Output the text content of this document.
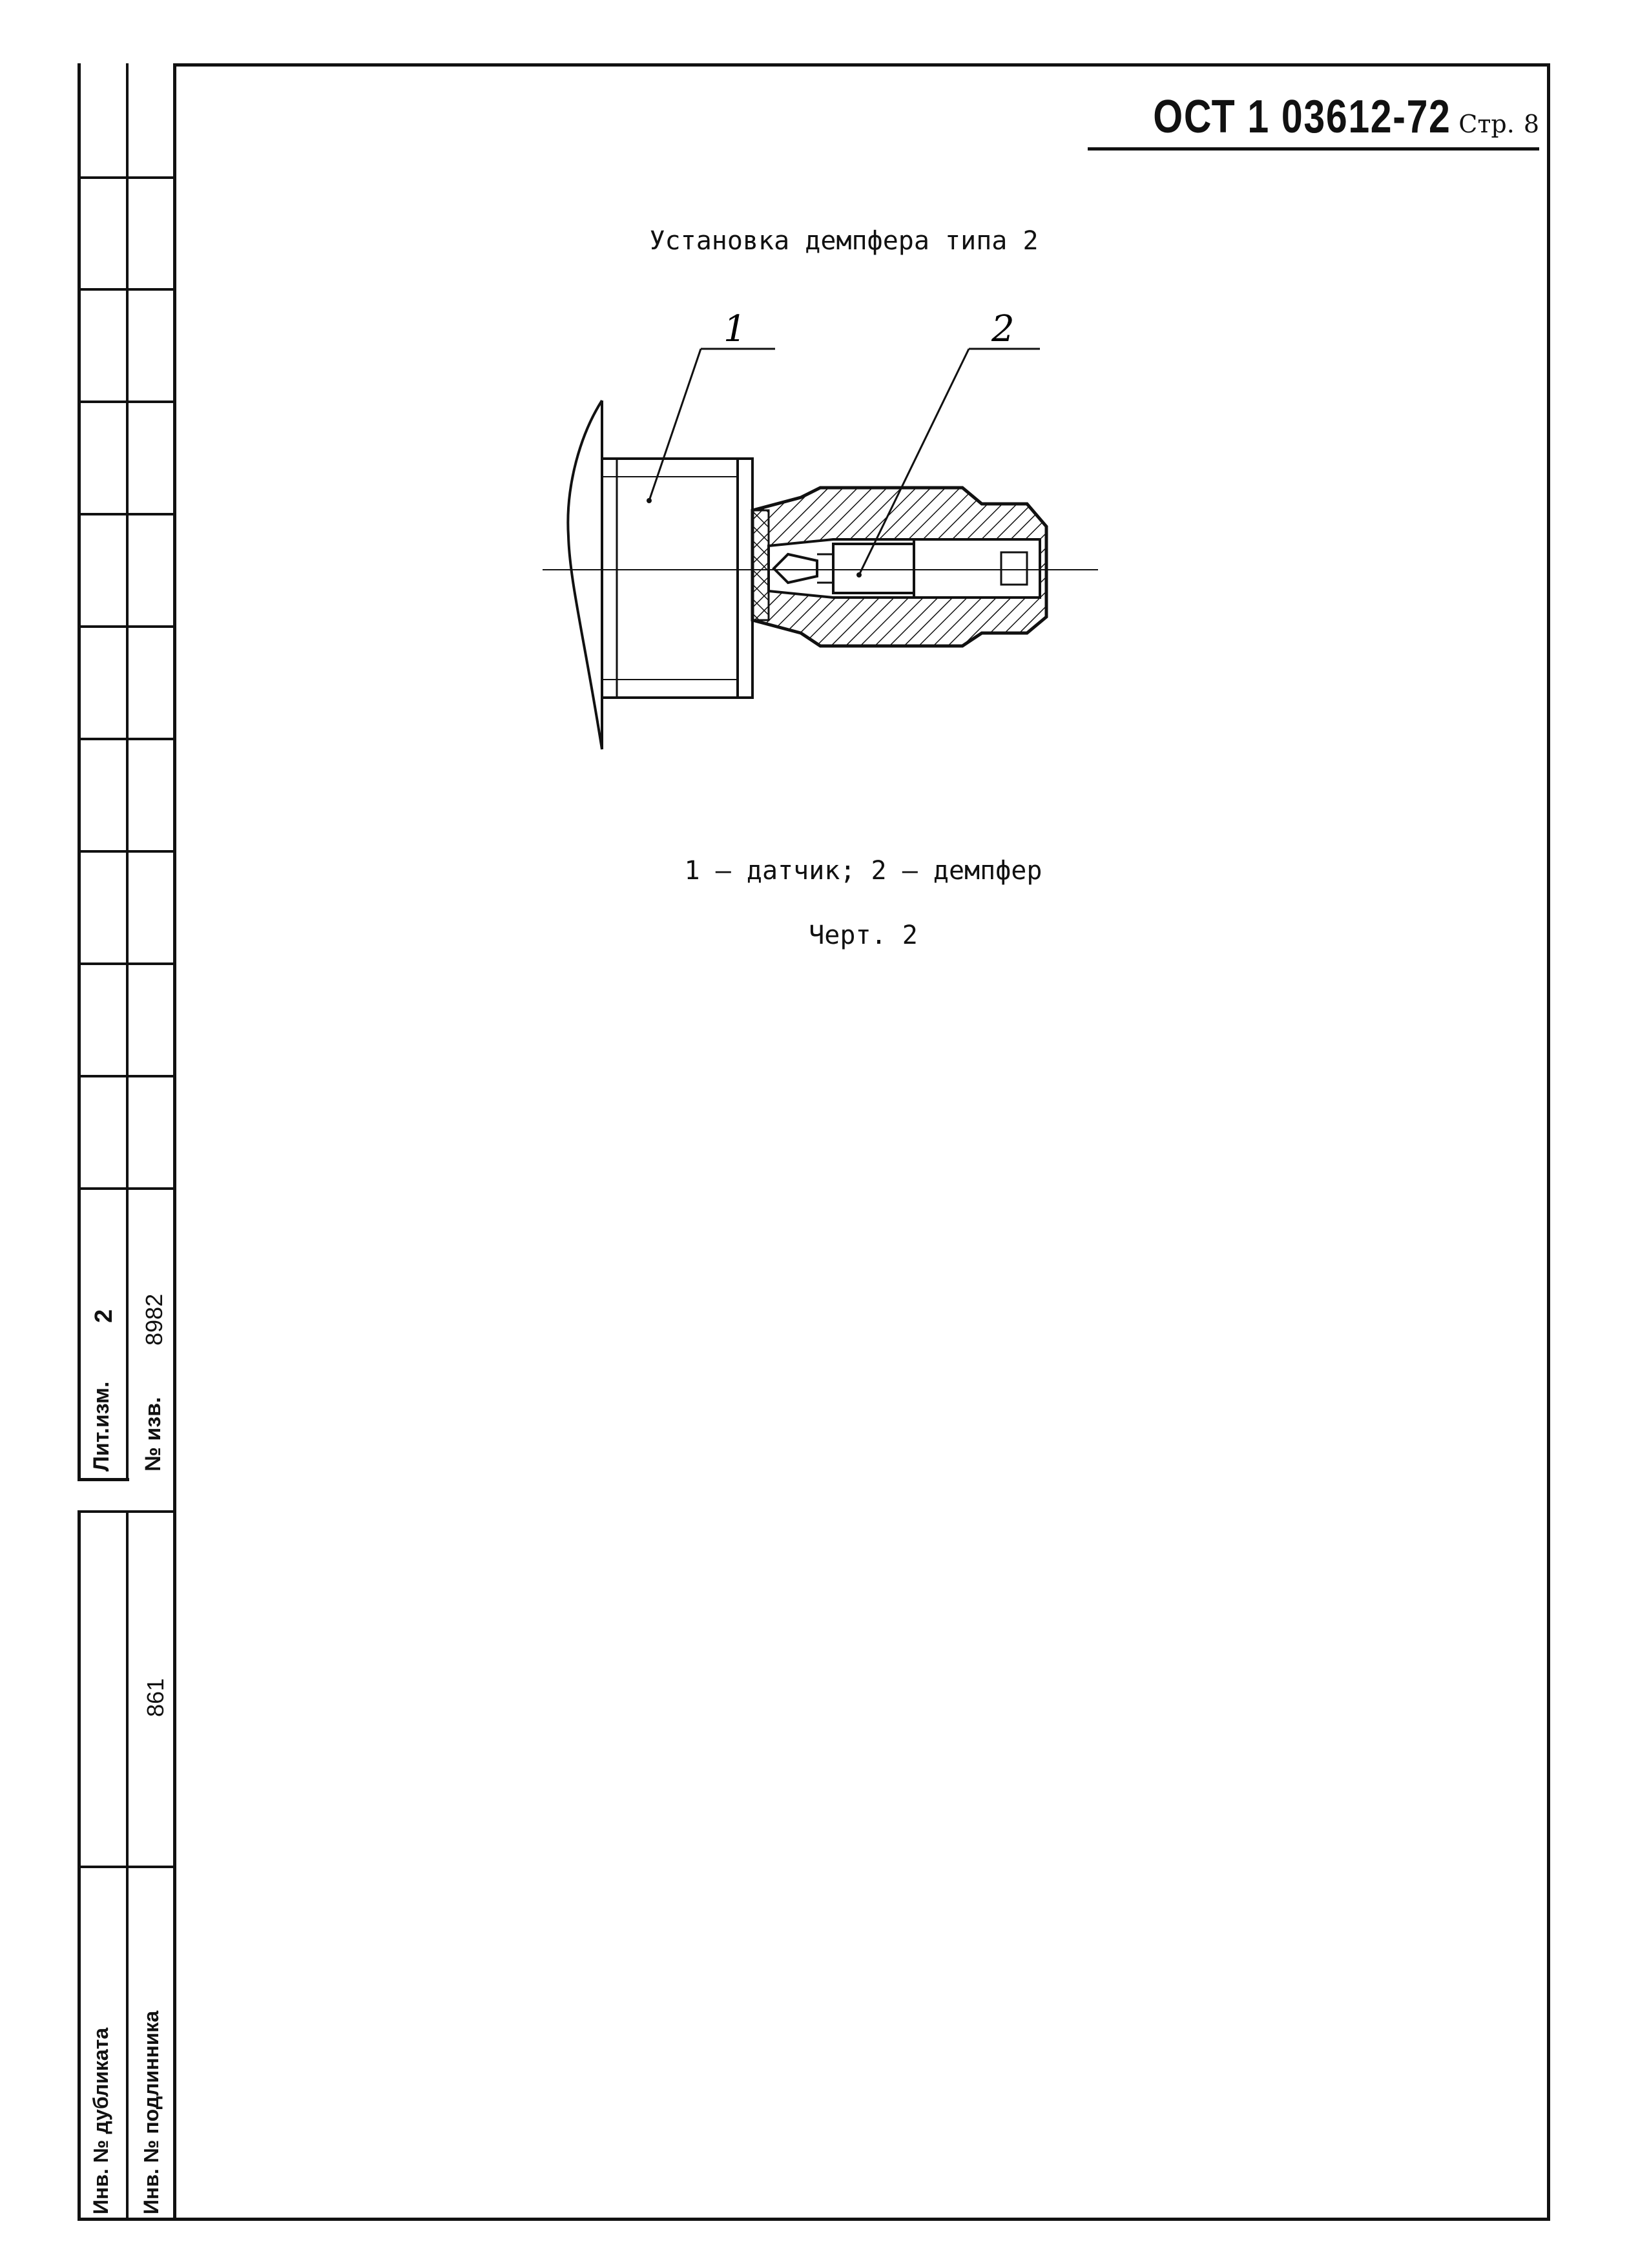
Лит.изм.
2
№ изв.
8982
Инв. № дубликата Инв. № подлинника
861
ОСТ 1 03612-72 Стр. 8
Установка демпфера типа 2
1	2
1 – датчик; 2 – демпфер
Черт. 2
